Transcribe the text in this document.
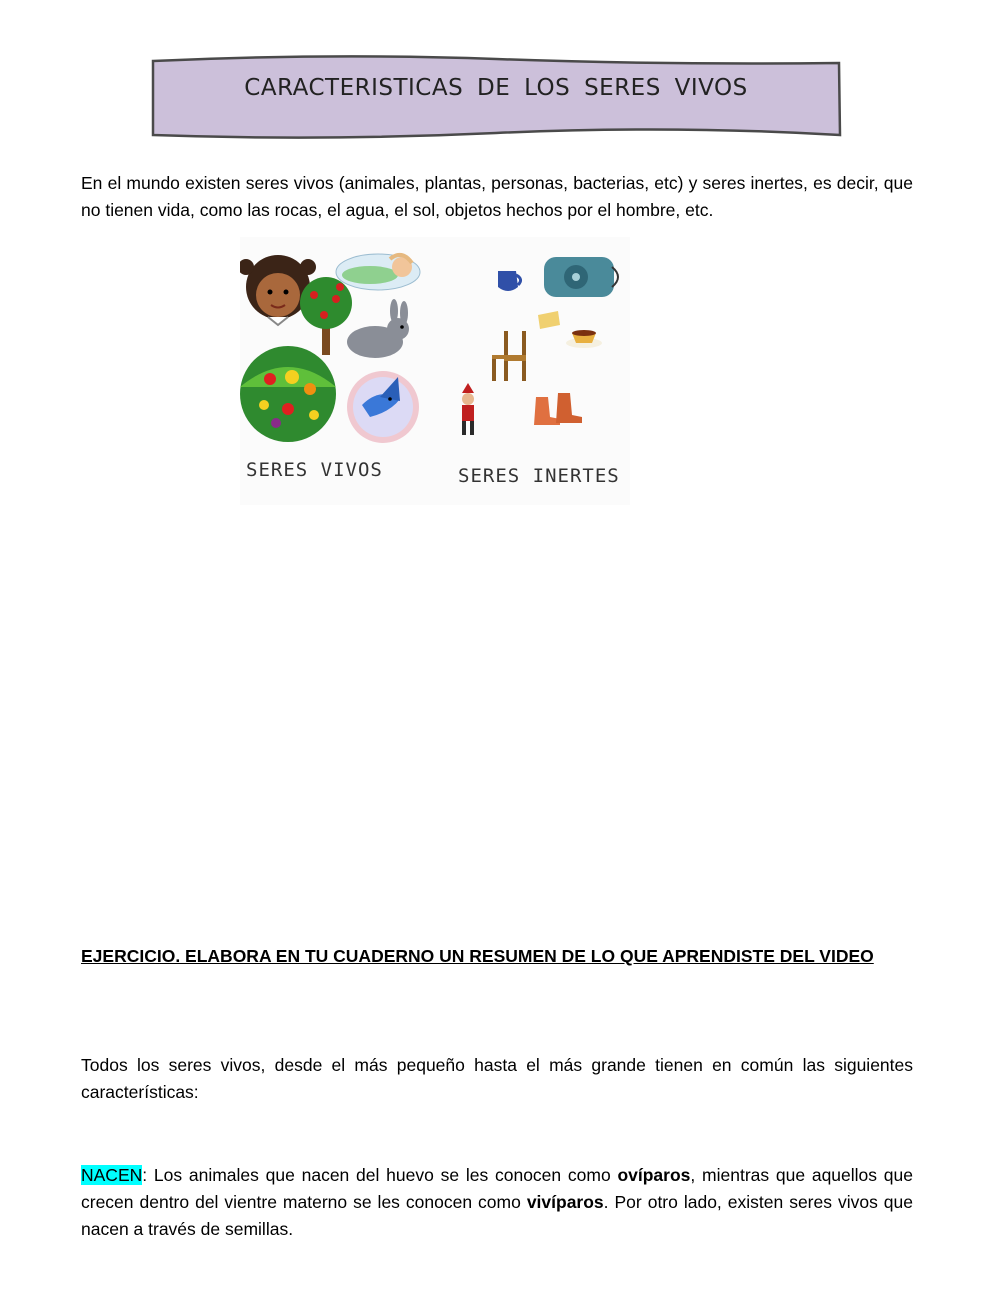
CARACTERISTICAS DE LOS SERES VIVOS
En el mundo existen seres vivos (animales, plantas, personas, bacterias, etc) y seres inertes, es decir, que no tienen vida, como las rocas, el agua, el sol, objetos hechos por el hombre, etc.
SERES VIVOS	SERES INERTES
EJERCICIO. ELABORA EN TU CUADERNO UN RESUMEN DE LO QUE APRENDISTE DEL VIDEO
Todos los seres vivos, desde el más pequeño hasta el más grande tienen en común las siguientes características:
NACEN: Los animales que nacen del huevo se les conocen como ovíparos, mientras que aquellos que crecen dentro del vientre materno se les conocen como vivíparos. Por otro lado, existen seres vivos que nacen a través de semillas.
